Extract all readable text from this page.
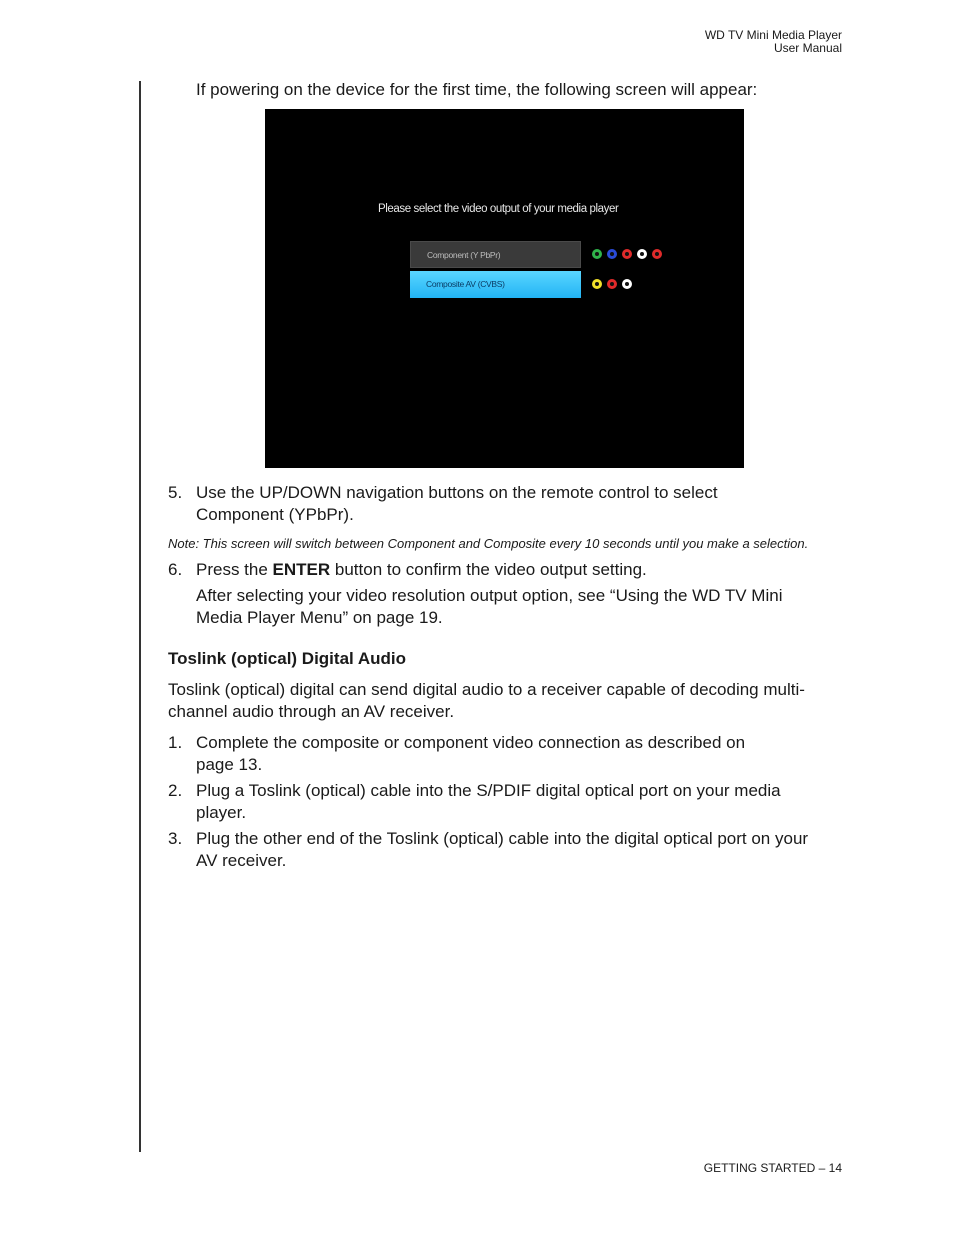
WD TV Mini Media Player
User Manual
If powering on the device for the first time, the following screen will appear:
Please select the video output of your media player
Component (Y PbPr)
Composite AV (CVBS)
5. Use the UP/DOWN navigation buttons on the remote control to select
Component (YPbPr).
Note: This screen will switch between Component and Composite every 10 seconds until you make a selection.
6. Press the ENTER button to confirm the video output setting.
After selecting your video resolution output option, see “Using the WD TV Mini
Media Player Menu” on page 19.
Toslink (optical) Digital Audio
Toslink (optical) digital can send digital audio to a receiver capable of decoding multi-
channel audio through an AV receiver.
1. Complete the composite or component video connection as described on
page 13.
2. Plug a Toslink (optical) cable into the S/PDIF digital optical port on your media
player.
3. Plug the other end of the Toslink (optical) cable into the digital optical port on your
AV receiver.
GETTING STARTED – 14
